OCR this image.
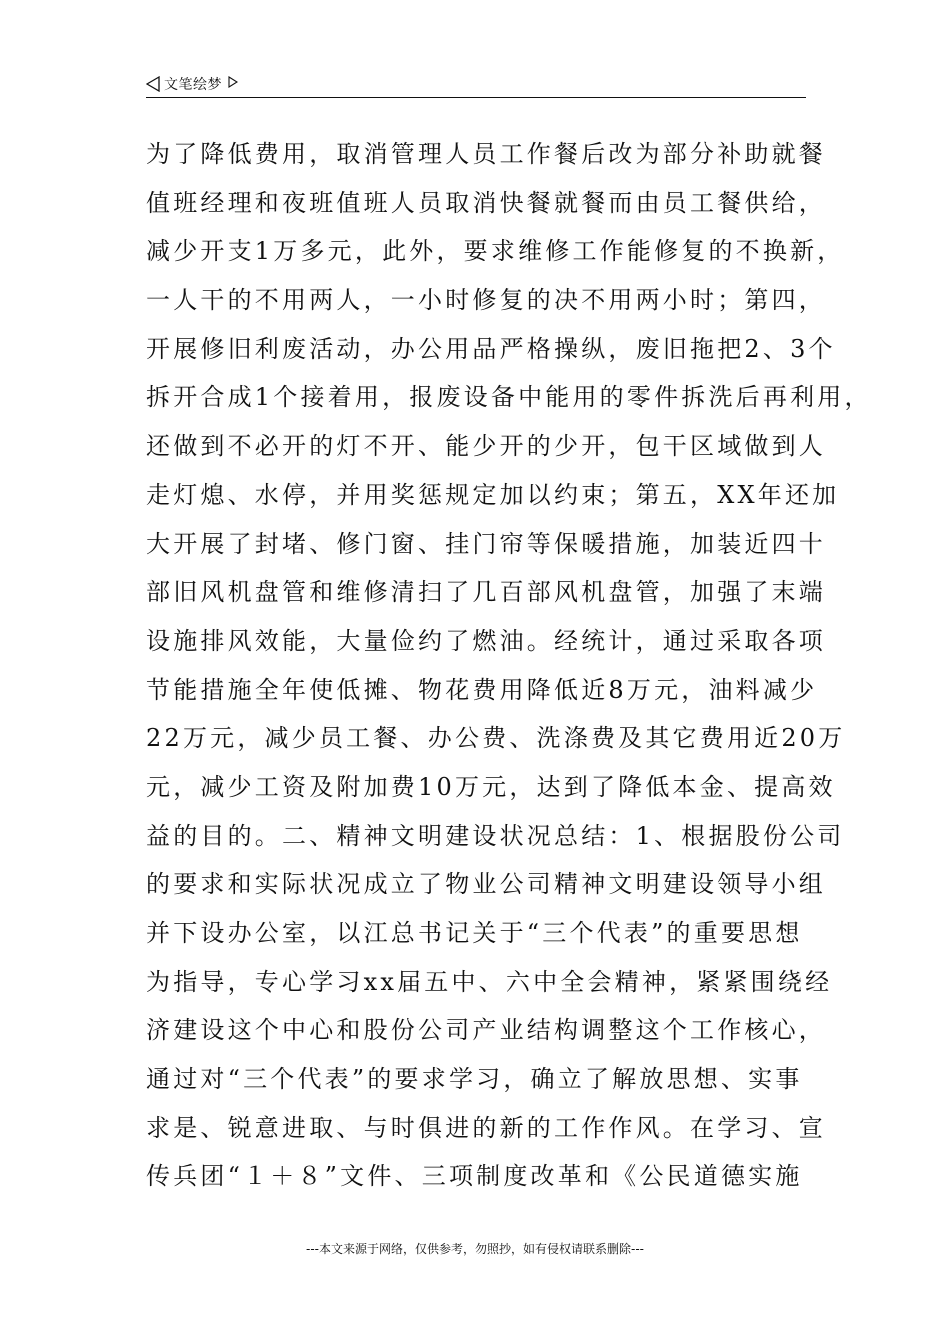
文笔绘梦
为了降低费用，取消管理人员工作餐后改为部分补助就餐
值班经理和夜班值班人员取消快餐就餐而由员工餐供给，
减少开支1万多元，此外，要求维修工作能修复的不换新，
一人干的不用两人，一小时修复的决不用两小时；第四，
开展修旧利废活动，办公用品严格操纵，废旧拖把2、3个
拆开合成1个接着用，报废设备中能用的零件拆洗后再利用，
还做到不必开的灯不开、能少开的少开，包干区域做到人
走灯熄、水停，并用奖惩规定加以约束；第五，XX年还加
大开展了封堵、修门窗、挂门帘等保暖措施，加装近四十
部旧风机盘管和维修清扫了几百部风机盘管，加强了末端
设施排风效能，大量俭约了燃油。经统计，通过采取各项
节能措施全年使低摊、物花费用降低近8万元，油料减少
22万元，减少员工餐、办公费、洗涤费及其它费用近20万
元，减少工资及附加费10万元，达到了降低本金、提高效
益的目的。二、精神文明建设状况总结：1、根据股份公司
的要求和实际状况成立了物业公司精神文明建设领导小组
并下设办公室，以江总书记关于“三个代表”的重要思想
为指导，专心学习xx届五中、六中全会精神，紧紧围绕经
济建设这个中心和股份公司产业结构调整这个工作核心，
通过对“三个代表”的要求学习，确立了解放思想、实事
求是、锐意进取、与时俱进的新的工作作风。在学习、宣
传兵团“１＋８”文件、三项制度改革和《公民道德实施
---本文来源于网络，仅供参考，勿照抄，如有侵权请联系删除---
